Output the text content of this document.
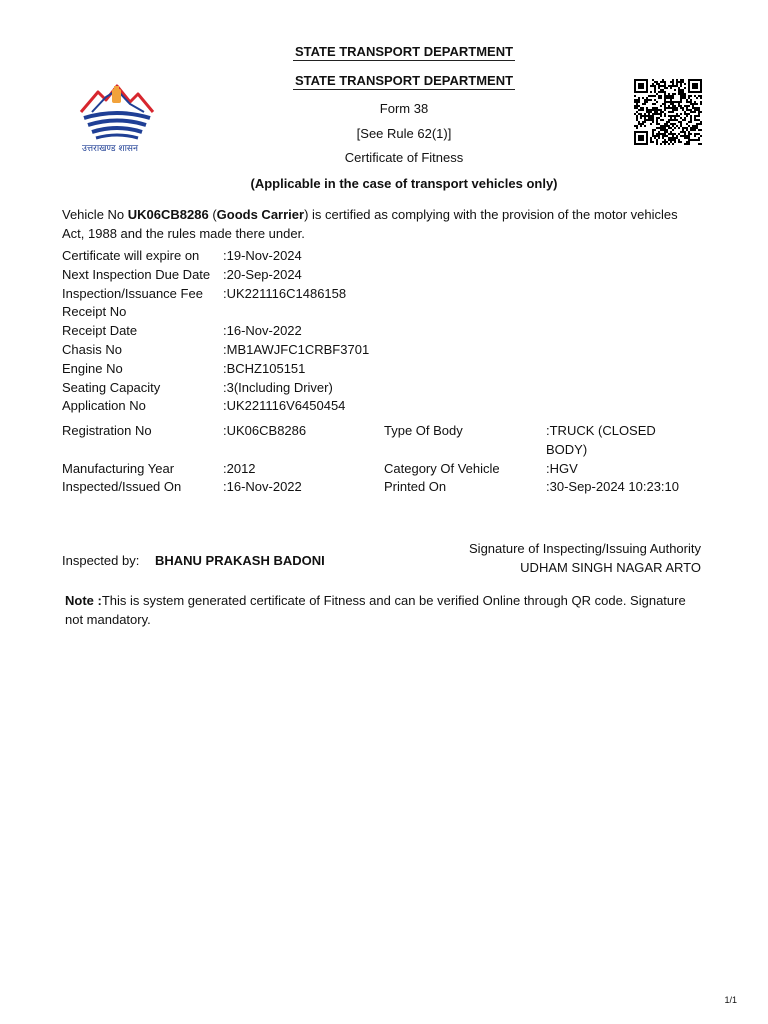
STATE TRANSPORT DEPARTMENT
STATE TRANSPORT DEPARTMENT
Form 38
[See Rule 62(1)]
Certificate of Fitness
(Applicable in the case of transport vehicles only)
उत्तराखण्ड शासन
Vehicle No UK06CB8286 (Goods Carrier) is certified as complying with the provision of the motor vehicles Act, 1988 and the rules made there under.
Certificate will expire on :19-Nov-2024
Next Inspection Due Date :20-Sep-2024
Inspection/Issuance Fee :UK221116C1486158
Receipt No
Receipt Date	:16-Nov-2022
Chasis No	:MB1AWJFC1CRBF3701
Engine No	:BCHZ105151
Seating Capacity	:3(Including Driver)
Application No	:UK221116V6450454
Registration No	:UK06CB8286	Type Of Body	:TRUCK (CLOSED
BODY)
Manufacturing Year	:2012	Category Of Vehicle	:HGV
Inspected/Issued On	:16-Nov-2022	Printed On	:30-Sep-2024 10:23:10
Inspected by: BHANU PRAKASH BADONI
Signature of Inspecting/Issuing Authority
UDHAM SINGH NAGAR ARTO
Note :This is system generated certificate of Fitness and can be verified Online through QR code. Signature not mandatory.
1/1
